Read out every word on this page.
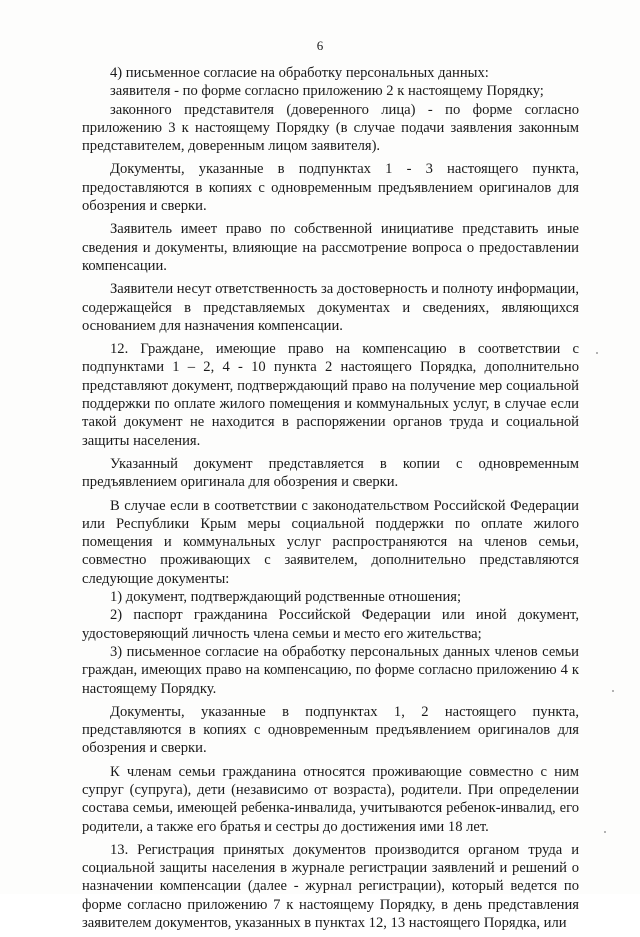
6

4) письменное согласие на обработку персональных данных:

заявителя - по форме согласно приложению 2 к настоящему Порядку;

законного представителя (доверенного лица) - по форме согласно приложению 3 к настоящему Порядку (в случае подачи заявления законным представителем, доверенным лицом заявителя).

Документы, указанные в подпунктах 1 - 3 настоящего пункта, предоставляются в копиях с одновременным предъявлением оригиналов для обозрения и сверки.

Заявитель имеет право по собственной инициативе представить иные сведения и документы, влияющие на рассмотрение вопроса о предоставлении компенсации.

Заявители несут ответственность за достоверность и полноту информации, содержащейся в представляемых документах и сведениях, являющихся основанием для назначения компенсации.

12. Граждане, имеющие право на компенсацию в соответствии с подпунктами 1 – 2, 4 - 10 пункта 2 настоящего Порядка, дополнительно представляют документ, подтверждающий право на получение мер социальной поддержки по оплате жилого помещения и коммунальных услуг, в случае если такой документ не находится в распоряжении органов труда и социальной защиты населения.

Указанный документ представляется в копии с одновременным предъявлением оригинала для обозрения и сверки.

В случае если в соответствии с законодательством Российской Федерации или Республики Крым меры социальной поддержки по оплате жилого помещения и коммунальных услуг распространяются на членов семьи, совместно проживающих с заявителем, дополнительно представляются следующие документы:

1) документ, подтверждающий родственные отношения;

2) паспорт гражданина Российской Федерации или иной документ, удостоверяющий личность члена семьи и место его жительства;

3) письменное согласие на обработку персональных данных членов семьи граждан, имеющих право на компенсацию, по форме согласно приложению 4 к настоящему Порядку.

Документы, указанные в подпунктах 1, 2 настоящего пункта, представляются в копиях с одновременным предъявлением оригиналов для обозрения и сверки.

К членам семьи гражданина относятся проживающие совместно с ним супруг (супруга), дети (независимо от возраста), родители. При определении состава семьи, имеющей ребенка-инвалида, учитываются ребенок-инвалид, его родители, а также его братья и сестры до достижения ими 18 лет.

13. Регистрация принятых документов производится органом труда и социальной защиты населения в журнале регистрации заявлений и решений о назначении компенсации (далее - журнал регистрации), который ведется по форме согласно приложению 7 к настоящему Порядку, в день представления заявителем документов, указанных в пунктах 12, 13 настоящего Порядка, или
